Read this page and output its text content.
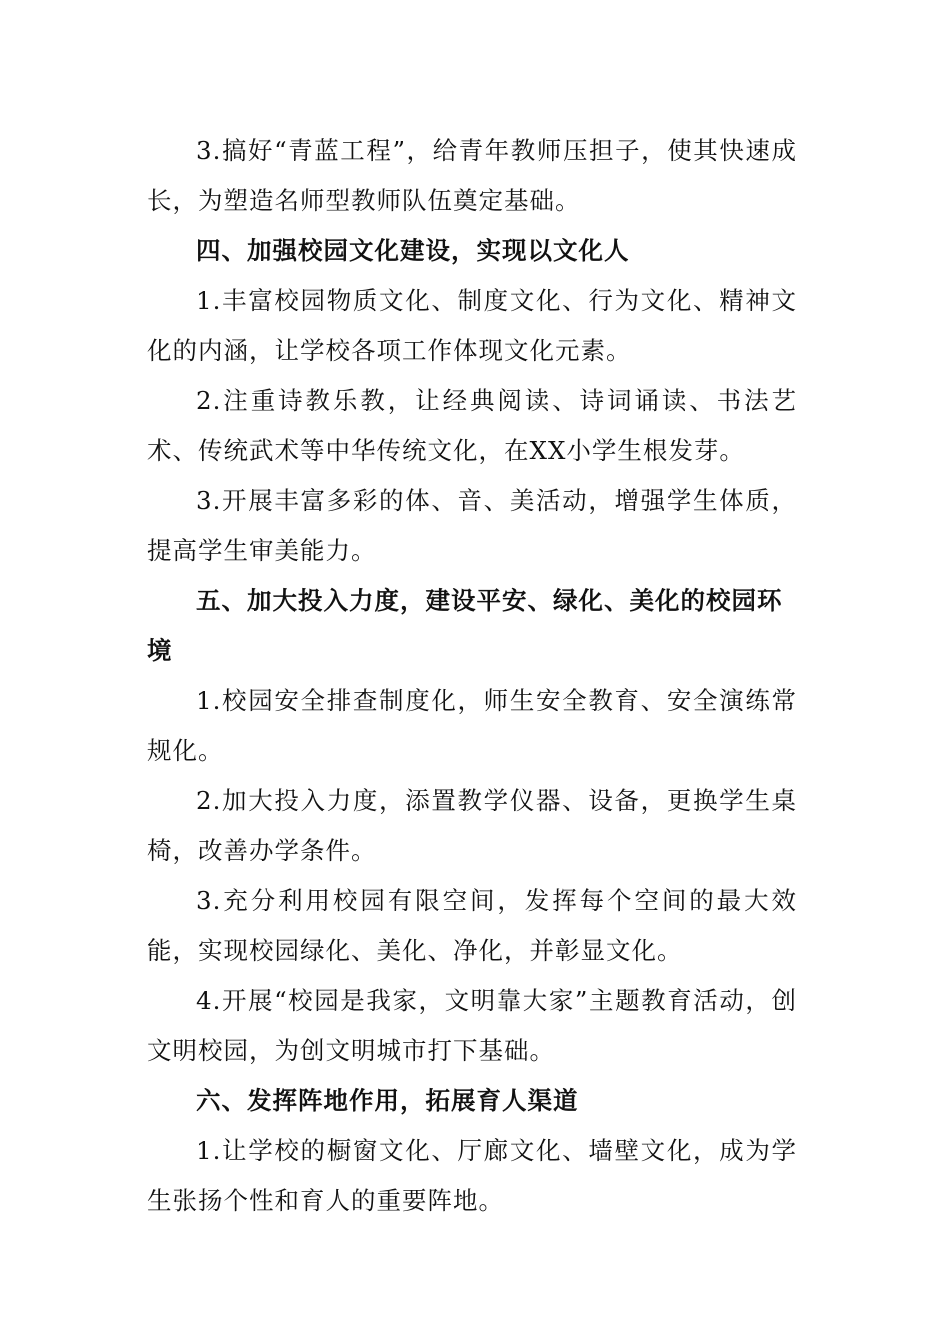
3.搞好“青蓝工程”，给青年教师压担子，使其快速成长，为塑造名师型教师队伍奠定基础。

四、加强校园文化建设，实现以文化人

1.丰富校园物质文化、制度文化、行为文化、精神文化的内涵，让学校各项工作体现文化元素。

2.注重诗教乐教，让经典阅读、诗词诵读、书法艺术、传统武术等中华传统文化，在XX小学生根发芽。

3.开展丰富多彩的体、音、美活动，增强学生体质，提高学生审美能力。

五、加大投入力度，建设平安、绿化、美化的校园环境

1.校园安全排查制度化，师生安全教育、安全演练常规化。

2.加大投入力度，添置教学仪器、设备，更换学生桌椅，改善办学条件。

3.充分利用校园有限空间，发挥每个空间的最大效能，实现校园绿化、美化、净化，并彰显文化。

4.开展“校园是我家，文明靠大家”主题教育活动，创文明校园，为创文明城市打下基础。

六、发挥阵地作用，拓展育人渠道

1.让学校的橱窗文化、厅廊文化、墙壁文化，成为学生张扬个性和育人的重要阵地。
